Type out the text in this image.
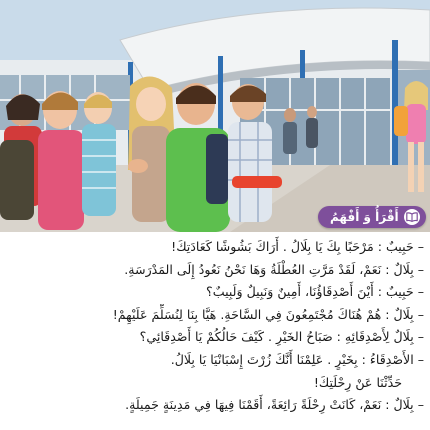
أَقْرَأُ وَ أَفْهَمُ
– حَبِيبٌ : مَرْحَبًا بِكَ يَا بِلَالُ . أَرَاكَ بَشُوشًا كَعَادَتِكَ!
– بِلَالٌ : نَعَمْ، لَقَدْ مَرَّتِ العُطْلَةُ وَهَا نَحْنُ نَعُودُ إِلَى المَدْرَسَةِ.
– حَبِيبٌ : أَيْنَ أَصْدِقَاؤُنَا، أَمِينٌ وَنَبِيلٌ وَلَبِيبٌ؟
– بِلَالٌ : هُمْ هُنَاكَ مُجْتَمِعُونَ فِي السَّاحَةِ. هَيَّا بِنَا لِنُسَلِّمَ عَلَيْهِمْ!
– بِلَالٌ لِأَصْدِقَائِهِ : صَبَاحُ الخَيْرِ . كَيْفَ حَالُكُمْ يَا أَصْدِقَائِي؟
– الأَصْدِقَاءُ : بِخَيْرٍ . عَلِمْنَا أَنَّكَ زُرْتَ إِسْبَانْيَا يَا بِلَالُ.
حَدِّثْنَا عَنْ رِحْلَتِكَ!
– بِلَالٌ : نَعَمْ، كَانَتْ رِحْلَةً رَائِعَةً، أَقَمْنَا فِيهَا فِي مَدِينَةٍ جَمِيلَةٍ.
